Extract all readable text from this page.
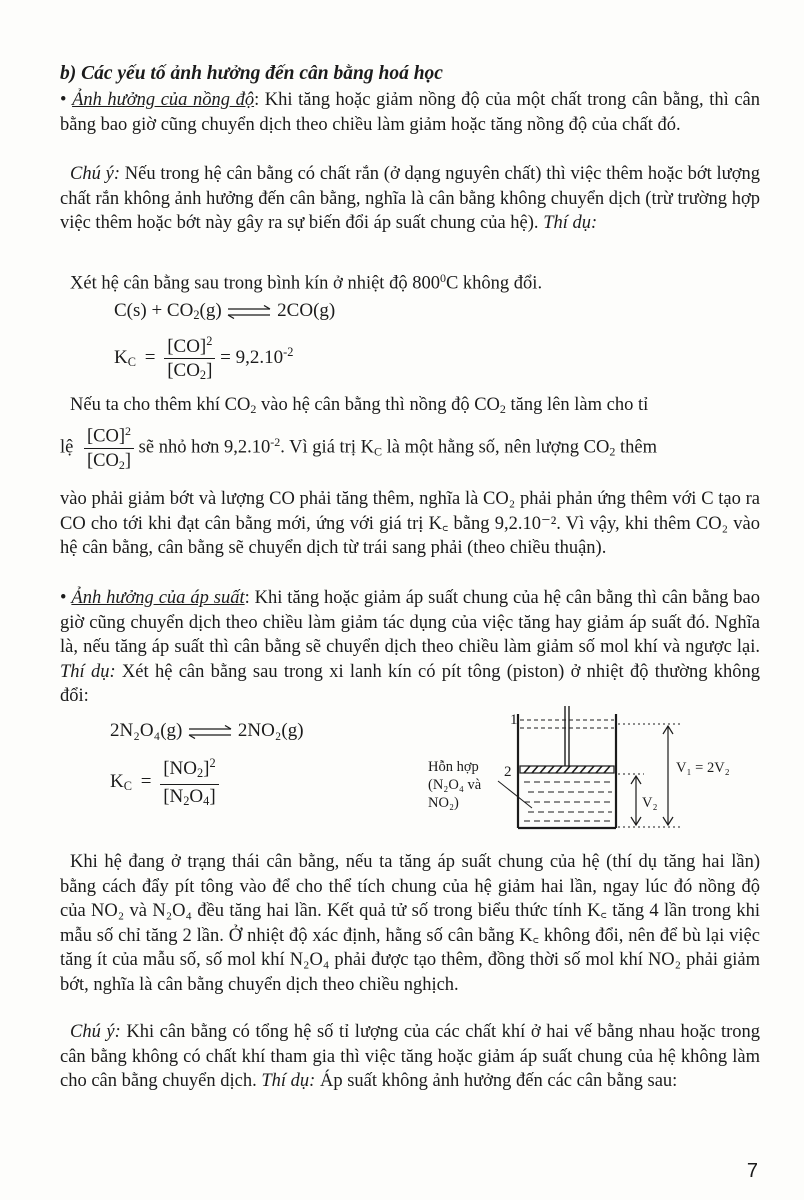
b) Các yếu tố ảnh hưởng đến cân bằng hoá học

• Ảnh hưởng của nồng độ: Khi tăng hoặc giảm nồng độ của một chất trong cân bằng, thì cân bằng bao giờ cũng chuyển dịch theo chiều làm giảm hoặc tăng nồng độ của chất đó.

Chú ý: Nếu trong hệ cân bằng có chất rắn (ở dạng nguyên chất) thì việc thêm hoặc bớt lượng chất rắn không ảnh hưởng đến cân bằng, nghĩa là cân bằng không chuyển dịch (trừ trường hợp việc thêm hoặc bớt này gây ra sự biến đổi áp suất chung của hệ). Thí dụ:

Xét hệ cân bằng sau trong bình kín ở nhiệt độ $800^0C$ không đổi.
$C(s) + CO_2(g)$ ⇌ 2CO(g)
$K_C = \frac{[CO]^2}{[CO_2]} = 9,2.10^{-2}$
Nếu ta cho thêm khí $CO_2$ vào hệ cân bằng thì nồng độ $CO_2$ tăng lên làm cho tỉ
lệ $\frac{[CO]^2}{[CO_2]}$ sẽ nhỏ hơn $9,2.10^{-2}$. Vì giá trị $K_C$ là một hằng số, nên lượng $CO_2$ thêm
vào phải giảm bớt và lượng CO phải tăng thêm, nghĩa là CO₂ phải phản ứng thêm với C tạo ra CO cho tới khi đạt cân bằng mới, ứng với giá trị K꜀ bằng 9,2.10⁻². Vì vậy, khi thêm CO₂ vào hệ cân bằng, cân bằng sẽ chuyển dịch từ trái sang phải (theo chiều thuận).

• Ảnh hưởng của áp suất: Khi tăng hoặc giảm áp suất chung của hệ cân bằng thì cân bằng bao giờ cũng chuyển dịch theo chiều làm giảm tác dụng của việc tăng hay giảm áp suất đó. Nghĩa là, nếu tăng áp suất thì cân bằng sẽ chuyển dịch theo chiều làm giảm số mol khí và ngược lại. Thí dụ: Xét hệ cân bằng sau trong xi lanh kín có pít tông (piston) ở nhiệt độ thường không đổi:

2N₂O₄(g) ⇌ 2NO₂(g)
$K_C = \frac{[NO_2]^2}{[N_2O_4]}$
1
2
Hỗn hợp
(N₂O₄ và
NO₂)
V₁ = 2V₂
V₂

Khi hệ đang ở trạng thái cân bằng, nếu ta tăng áp suất chung của hệ (thí dụ tăng hai lần) bằng cách đẩy pít tông vào để cho thể tích chung của hệ giảm hai lần, ngay lúc đó nồng độ của NO₂ và N₂O₄ đều tăng hai lần. Kết quả tử số trong biểu thức tính K꜀ tăng 4 lần trong khi mẫu số chỉ tăng 2 lần. Ở nhiệt độ xác định, hằng số cân bằng K꜀ không đổi, nên để bù lại việc tăng ít của mẫu số, số mol khí N₂O₄ phải được tạo thêm, đồng thời số mol khí NO₂ phải giảm bớt, nghĩa là cân bằng chuyển dịch theo chiều nghịch.

Chú ý: Khi cân bằng có tổng hệ số tỉ lượng của các chất khí ở hai vế bằng nhau hoặc trong cân bằng không có chất khí tham gia thì việc tăng hoặc giảm áp suất chung của hệ không làm cho cân bằng chuyển dịch. Thí dụ: Áp suất không ảnh hưởng đến các cân bằng sau:

7
